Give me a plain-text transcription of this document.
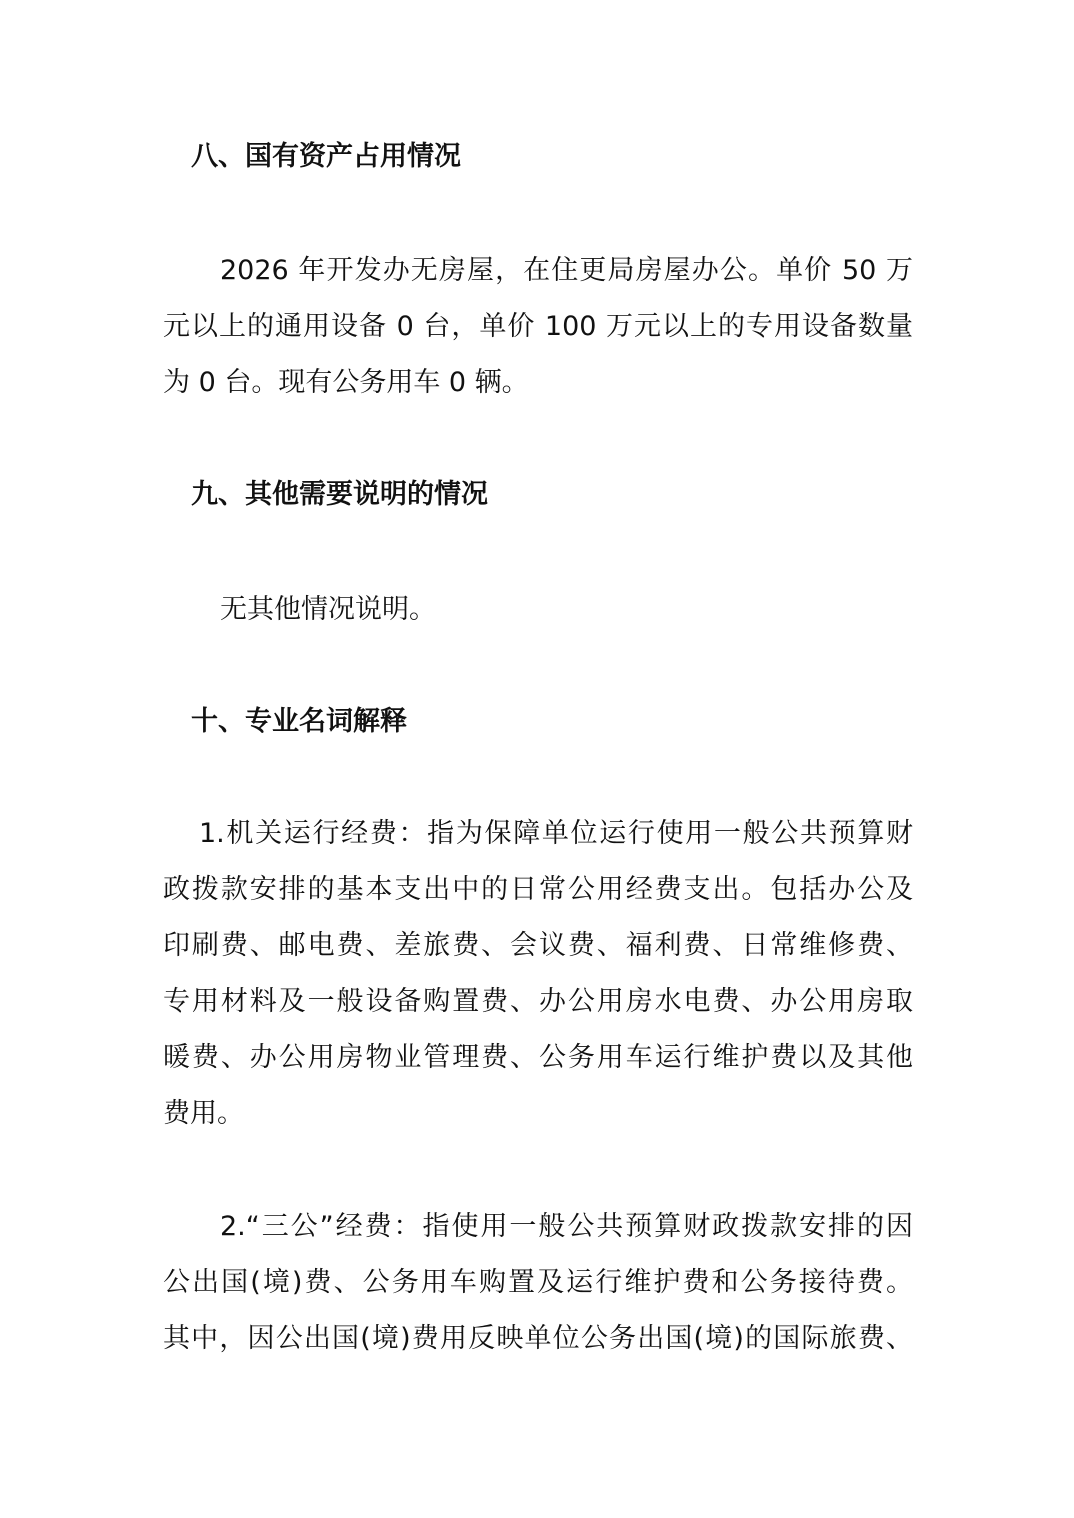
八、国有资产占用情况
2026 年开发办无房屋，在住更局房屋办公。单价 50 万
元以上的通用设备 0 台，单价 100 万元以上的专用设备数量
为 0 台。现有公务用车 0 辆。
九、其他需要说明的情况
无其他情况说明。
十、专业名词解释
1.机关运行经费：指为保障单位运行使用一般公共预算财
政拨款安排的基本支出中的日常公用经费支出。包括办公及
印刷费、邮电费、差旅费、会议费、福利费、日常维修费、
专用材料及一般设备购置费、办公用房水电费、办公用房取
暖费、办公用房物业管理费、公务用车运行维护费以及其他
费用。
2.“三公”经费：指使用一般公共预算财政拨款安排的因
公出国(境)费、公务用车购置及运行维护费和公务接待费。
其中，因公出国(境)费用反映单位公务出国(境)的国际旅费、
